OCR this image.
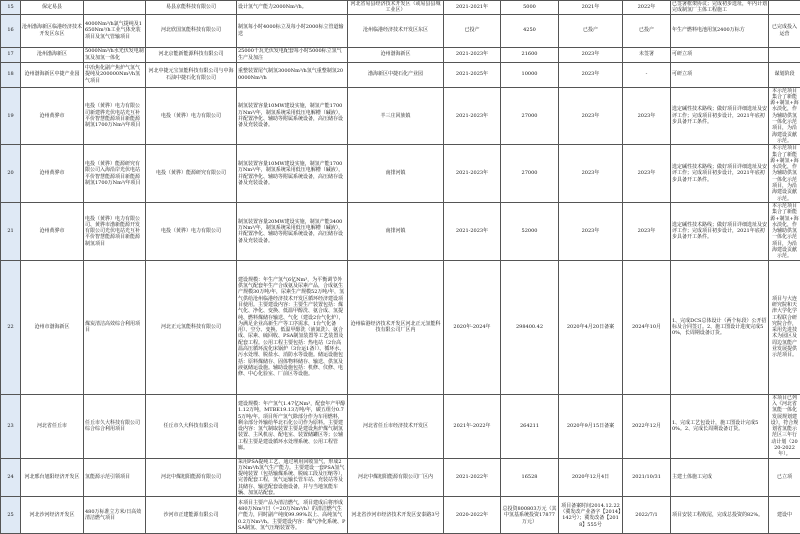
15	保定易县		易县京能科技有限公司	设计氢气产能力2000Nm³/h。	河北省易县经济技术开发区（或易县县城工业区）	2021-2021年	5000	2021年	2022年	已签署框架协议；完成初步选址，年内计划完成制氢厂主体工程施工	
16	沧州渤海新区临港经济技术开发区东区	4000Nm³/h氯气提纯及1650Nm³/h工业气体充装项目及氢气管输项目	河北欣国氢能科技有限公司	制氢每小时4000标立及每小时2000标立管道输送	沧州临港经济技术开发区东区	已投产	4250	已投产	已投产	年生产燃料电池用氢2400万标方	已完成投入运营
17	沧州渤海新区	5000Nm³/h水光伏发电制氢及加氢一体化	河北京能新能源科技有限公司	25000千瓦光伏发电配套每小时5000标立氢气生产及加注	沧州渤海新区	2021-2023年	21600	2023年	未签署	可研立项	
18	沧州渤海新区中捷产业园	中冶焦化副产焦炉气氢气提纯及200000Nm³/h氢气项目	河北中捷元宝氢能科技有限公司与中海石油中捷石化有限公司	重整装置尾气制氢3000Nm³/h氢气重整制氢200000Nm³/h	渤海新区中捷石化产业园	2021-2025年	10000	2023年	-	可研立项	谋划阶段
19	沧州黄骅市	电投（黄骅）电力有限公司新建骅光伏电站光互补平价智慧能源项目新能源制氢1700万Nm³/年项目	电投（黄骅）电力有限公司	制氢装置容量10MW建设实施，制氢产能1700万Nm³/年，制氢系统采用低压电解槽（碱液），并配置净化、辅助等附属系统设备，高压储存设备及充装设备。	羊三庄回族镇	2021-2023年	27000	2023年	2023年	选定碱性技术路线；做好项目详细选址及安评工作；完成项目初步设计，2021年底初步具备开工条件。	本示范项目集合了新能源+制氢+海水淡化，作为辅助供氢一体化示范项目，为沿海建设贡献示范。
20	沧州黄骅市	电投（黄骅）能源研究有限公司入海沿岸光伏电站平价智慧能源项目新能源制氢1700万Nm³/年项目	电投（黄骅）能源研究有限公司	制氢装置容量10MW建设实施，制氢产能1700万Nm³/年，制氢系统采用低压电解槽（碱液），并配置净化、辅助等附属系统设备，高压储存设备及充装设备。	南排河镇	2021-2023年	27000	2023年	2023年	选定碱性技术路线；做好项目详细选址及安评工作；完成项目初步设计，2021年底初步具备开工条件。	本示范项目集合了新能源+制氢+海水淡化，作为辅助供氢一体化示范项目，为沿海建设贡献示范。
21	沧州黄骅市	电投（黄骅）电力有限公司、黄骅市渤新能源开发有限公司光伏电站光互补平价智慧能源项目新能源制氢项目	电投（黄骅）电力有限公司	制氢装置容量20MW建设实施，制氢产能3400万Nm³/年，制氢系统采用低压电解槽（碱液），并配置净化、辅助等附属系统设备，高压储存设备及充装设备。	南排河镇	2021-2023年	52000	2023年	2023年	选定碱性技术路线；做好项目详细选址及安评工作；完成项目初步设计，2021年底初步具备开工条件。	本示范项目集合了新能源+制氢+海水淡化，作为辅助供氢一体化示范项目，为沿海建设贡献示范。
22	沧州市渤海新区	煤炭清洁高效综合利用项目	河北正元氢能科技有限公司	建设规模：年生产氢气6亿Nm³，为平衡调节外供氢气配套年生产合成氨及尿素产品，合成氨生产规模30万吨/年，尿素生产规模52万吨/年，氢气供给沧州临港经济技术开发区循环经济建设项目使用。主要建设内容：主要生产装置包括：煤气化、净化、变换、低温甲醇洗、氨合成、氢提纯、燃料煤储存输送、气化（建设2台气化炉），为满足企业高新生产等工序需求，1台气化备用）、空分、变换、低温甲醇洗（液氮洗）、氨合成、尿素、硫回收、PSA制氢装置等工艺装置及配套工程。公用工程主要包括：热电站（2台高温高压循环流化床锅炉（3台运1备））、循环水、污水处理、脱盐水、消防水等设施。储运设施包括：原料煤储存、固体物料储存、输送、供氢及液氨储运设施。辅助设施包括：机修、仪修、电修、中心化验室、厂前区等设施。	沧州临港经济技术开发区河北正元氢能科技有限公司厂区内	2020年-2024年	298400.42	2020年4月20日备案	2024年10月	1、完成DCS总体设计（两个标段）公开招标及合同签订。2、施工图设计进度完成50%，长周期设备订货。	项目与大连研究院和天津大学化学工程联合研究院合作，采用先进技术为园区及周边氢能产业发展提供示范项目。
23	河北省任丘市	任丘市久大科技有限公司综合综合利用项目	任丘市久大科技有限公司	建设规模：年产氢气1.47亿Nm³，配套年产甲醇1.12万吨，MTBE19.13万吨/年，碳五组分0.75万吨/年。项目所产氢气除部分作为车用燃料，剩余部分外输给华北石化公司作为原料。主要建设内容：氢气制取装置主要是建设焦炉煤气制氢装置、主风机房、配电室、装置储罐区等；公辅工程主要是建设循环水处理系统、公用工程管廊。	河北省任丘市经济技术开发区	2021年-2022年	264211	2020年9月15日备案	2022年12月	1、完成工艺包设计，施工图设计完成50%。2、完成长周期设备订货。	本项目已列入《河北省氢能一体化发展规划建设》，符合规划省氢能示范区三年行动计划（2020-2022年）。
24	河北邢台旭阳经济开发区	氢能源示范引领项目	河北中煤旭阳能源有限公司	采用PSA提纯工艺，通过利用回收氢气，形成2万Nm³/h氢气生产能力。主要建设一套PSA氢气提纯装置（包括输煤系统、脱硫工段及压缩等），完善配套工程，氢气运输长管车站、充装站等及其储存、输送配套设施设备，并与当地氢能车辆、加氢站配套。	河北中煤旭阳能源有限公司厂区内	2021-2022年	16528	2020年12月4日	2021/10/31	主建土体施工完成	已立项
25	河北沙河经济开发区	480万标准立方米/日高效清洁燃气项目	沙河市正建能源有限公司	本项目主要产品为清洁燃气，项目建成后将形成480万Nm³/日（=20万Nm³/h）的清洁燃气生产能力，同时副产纯度99.99%以上、高纯氢气0.2万Nm³/h。主要建设内容：煤气净化系统、PSA制氢、氢气压缩装置等。	河北省沙河市经济技术开发区安泰路3号	2020-2022年	总投资800803万元（其中氢基系统投资17877万元）	项目备案时间2014.12.22（冀发改产业备字【2014】142号）；冀发改备【2018】555号	2022/7/1	项目安装工程收尾，完成总投资的82%。	建设中
